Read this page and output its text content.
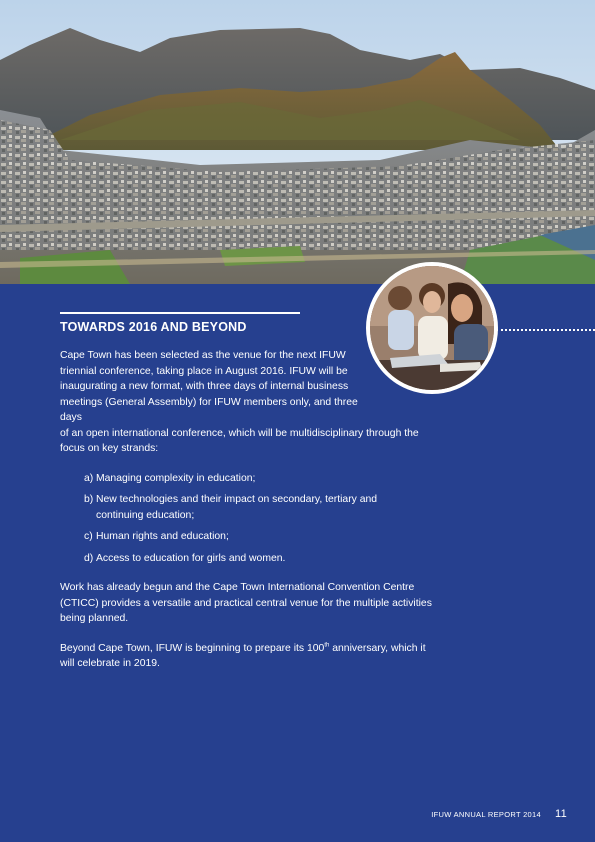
TOWARDS 2016 AND BEYOND

Cape Town has been selected as the venue for the next IFUW
triennial conference, taking place in August 2016. IFUW will be
inaugurating a new format, with three days of internal business
meetings (General Assembly) for IFUW members only, and three days

of an open international conference, which will be multidisciplinary through the focus on key strands:

a) Managing complexity in education;
b) New technologies and their impact on secondary, tertiary and continuing education;
c) Human rights and education;
d) Access to education for girls and women.

Work has already begun and the Cape Town International Convention Centre (CTICC) provides a versatile and practical central venue for the multiple activities being planned.

Beyond Cape Town, IFUW is beginning to prepare its 100th anniversary, which it will celebrate in 2019.

IFUW ANNUAL REPORT 2014 11
